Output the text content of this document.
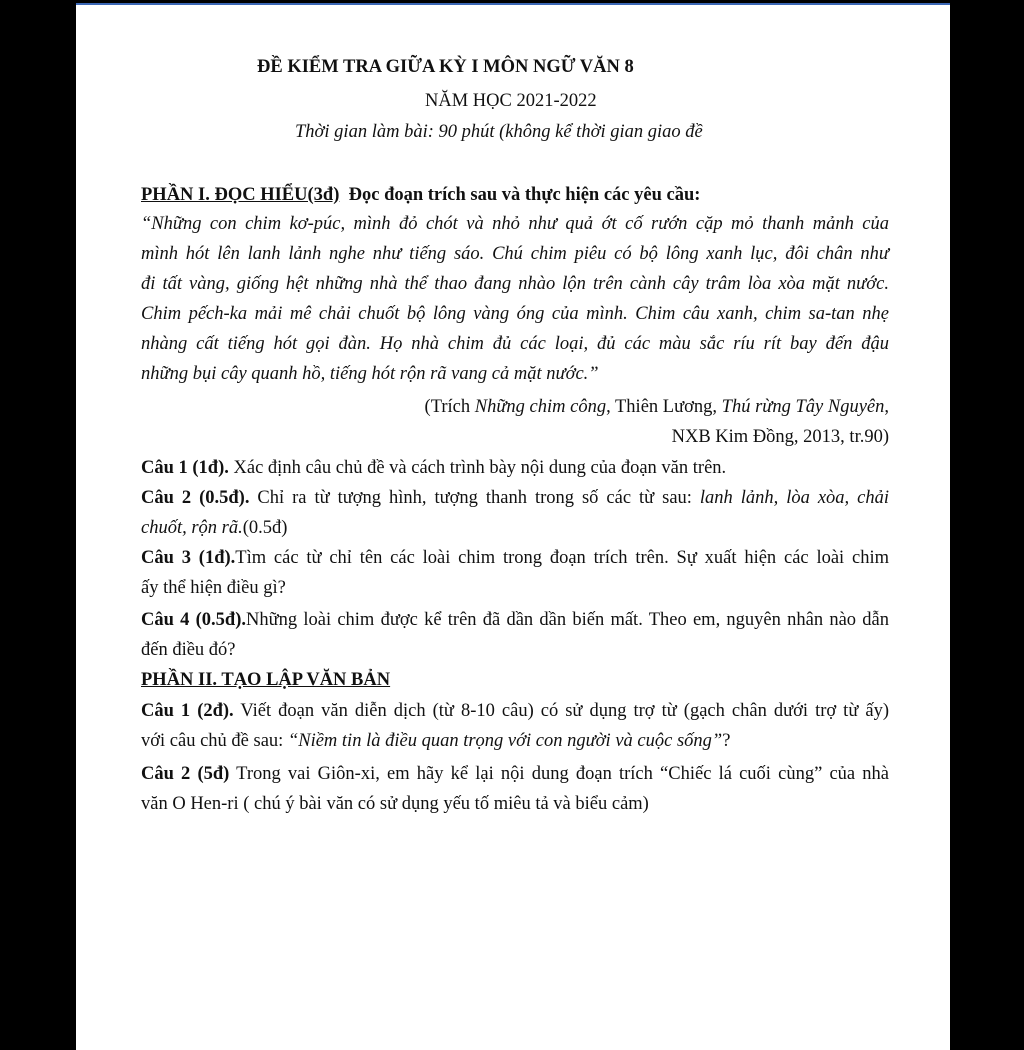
ĐỀ KIỂM TRA GIỮA KỲ I MÔN NGỮ VĂN 8
NĂM HỌC 2021-2022
Thời gian làm bài: 90 phút (không kể thời gian giao đề
PHẦN I. ĐỌC HIỂU(3đ) Đọc đoạn trích sau và thực hiện các yêu cầu:
“Những con chim kơ-púc, mình đỏ chót và nhỏ như quả ớt cố rướn cặp mỏ thanh mảnh của
mình hót lên lanh lảnh nghe như tiếng sáo. Chú chim piêu có bộ lông xanh lục, đôi chân như
đi tất vàng, giống hệt những nhà thể thao đang nhào lộn trên cành cây trâm lòa xòa mặt nước.
Chim pếch-ka mải mê chải chuốt bộ lông vàng óng của mình. Chim câu xanh, chim sa-tan nhẹ
nhàng cất tiếng hót gọi đàn. Họ nhà chim đủ các loại, đủ các màu sắc ríu rít bay đến đậu
những bụi cây quanh hồ, tiếng hót rộn rã vang cả mặt nước.”
(Trích Những chim công, Thiên Lương, Thú rừng Tây Nguyên,
NXB Kim Đồng, 2013, tr.90)
Câu 1 (1đ). Xác định câu chủ đề và cách trình bày nội dung của đoạn văn trên.
Câu 2 (0.5đ). Chỉ ra từ tượng hình, tượng thanh trong số các từ sau: lanh lảnh, lòa xòa, chải
chuốt, rộn rã.(0.5đ)
Câu 3 (1đ).Tìm các từ chỉ tên các loài chim trong đoạn trích trên. Sự xuất hiện các loài chim
ấy thể hiện điều gì?
Câu 4 (0.5đ).Những loài chim được kể trên đã dần dần biến mất. Theo em, nguyên nhân nào dẫn
đến điều đó?
PHẦN II. TẠO LẬP VĂN BẢN
Câu 1 (2đ). Viết đoạn văn diễn dịch (từ 8-10 câu) có sử dụng trợ từ (gạch chân dưới trợ từ ấy)
với câu chủ đề sau: “Niềm tin là điều quan trọng với con người và cuộc sống”?
Câu 2 (5đ) Trong vai Giôn-xi, em hãy kể lại nội dung đoạn trích “Chiếc lá cuối cùng” của nhà
văn O Hen-ri ( chú ý bài văn có sử dụng yếu tố miêu tả và biểu cảm)
